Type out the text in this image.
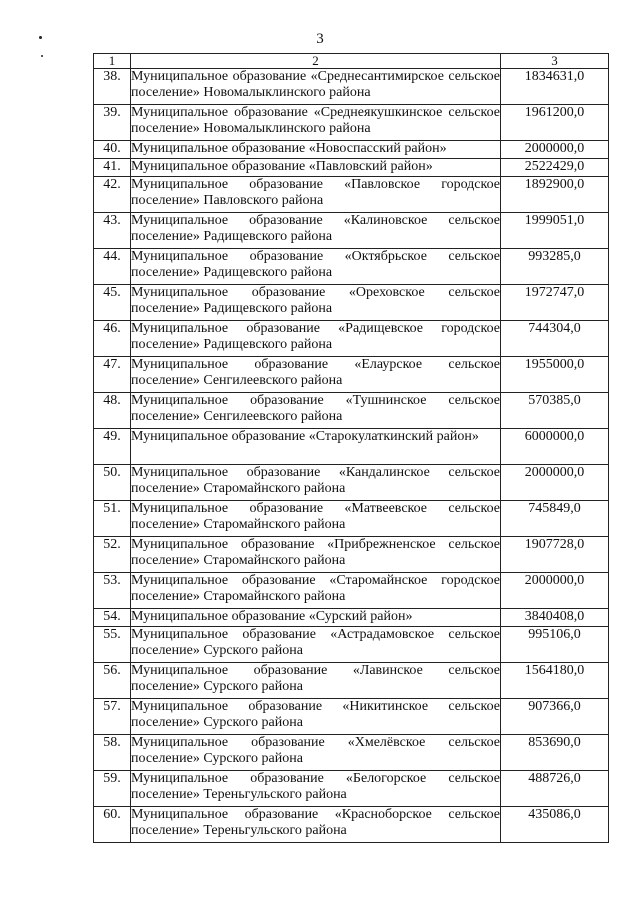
3
1	2	3
38.	Муниципальное образование «Среднесантимирское сельское поселение» Новомалыклинского района	1834631,0
39.	Муниципальное образование «Среднеякушкинское сельское поселение» Новомалыклинского района	1961200,0
40.	Муниципальное образование «Новоспасский район»	2000000,0
41.	Муниципальное образование «Павловский район»	2522429,0
42.	Муниципальное образование «Павловское городское поселение» Павловского района	1892900,0
43.	Муниципальное образование «Калиновское сельское поселение» Радищевского района	1999051,0
44.	Муниципальное образование «Октябрьское сельское поселение» Радищевского района	993285,0
45.	Муниципальное образование «Ореховское сельское поселение» Радищевского района	1972747,0
46.	Муниципальное образование «Радищевское городское поселение» Радищевского района	744304,0
47.	Муниципальное образование «Елаурское сельское поселение» Сенгилеевского района	1955000,0
48.	Муниципальное образование «Тушнинское сельское поселение» Сенгилеевского района	570385,0
49.	Муниципальное образование «Старокулаткинский район»	6000000,0
50.	Муниципальное образование «Кандалинское сельское поселение» Старомайнского района	2000000,0
51.	Муниципальное образование «Матвеевское сельское поселение» Старомайнского района	745849,0
52.	Муниципальное образование «Прибрежненское сельское поселение» Старомайнского района	1907728,0
53.	Муниципальное образование «Старомайнское городское поселение» Старомайнского района	2000000,0
54.	Муниципальное образование «Сурский район»	3840408,0
55.	Муниципальное образование «Астрадамовское сельское поселение» Сурского района	995106,0
56.	Муниципальное образование «Лавинское сельское поселение» Сурского района	1564180,0
57.	Муниципальное образование «Никитинское сельское поселение» Сурского района	907366,0
58.	Муниципальное образование «Хмелёвское сельское поселение» Сурского района	853690,0
59.	Муниципальное образование «Белогорское сельское поселение» Тереньгульского района	488726,0
60.	Муниципальное образование «Красноборское сельское поселение» Тереньгульского района	435086,0
